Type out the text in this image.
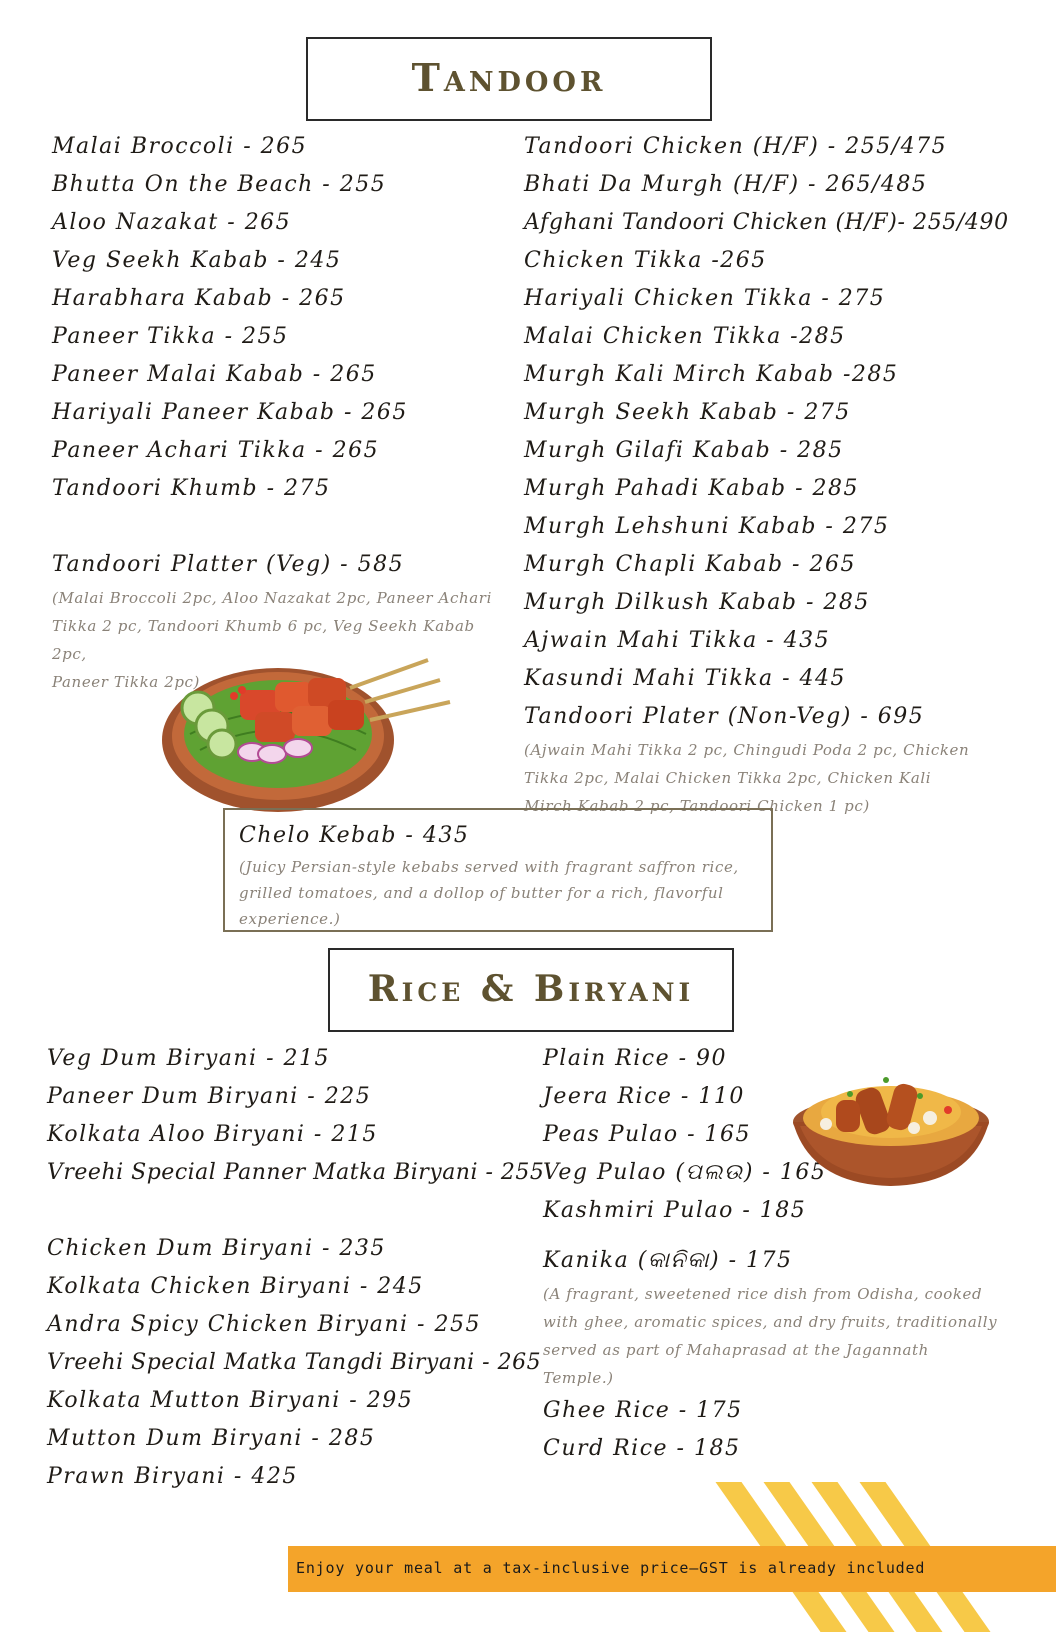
Tandoor
Malai Broccoli - 265
Bhutta On the Beach - 255
Aloo Nazakat - 265
Veg Seekh Kabab - 245
Harabhara Kabab - 265
Paneer Tikka - 255
Paneer Malai Kabab - 265
Hariyali Paneer Kabab - 265
Paneer Achari Tikka - 265
Tandoori Khumb - 275
Tandoori Platter (Veg) - 585
(Malai Broccoli 2pc, Aloo Nazakat 2pc, Paneer Achari
Tikka 2 pc, Tandoori Khumb 6 pc, Veg Seekh Kabab 2pc,
Paneer Tikka 2pc)
Tandoori Chicken (H/F) - 255/475
Bhati Da Murgh (H/F) - 265/485
Afghani Tandoori Chicken (H/F)- 255/490
Chicken Tikka -265
Hariyali Chicken Tikka - 275
Malai Chicken Tikka -285
Murgh Kali Mirch Kabab -285
Murgh Seekh Kabab - 275
Murgh Gilafi Kabab - 285
Murgh Pahadi Kabab - 285
Murgh Lehshuni Kabab - 275
Murgh Chapli Kabab - 265
Murgh Dilkush Kabab - 285
Ajwain Mahi Tikka - 435
Kasundi Mahi Tikka - 445
Tandoori Plater (Non-Veg) - 695
(Ajwain Mahi Tikka 2 pc, Chingudi Poda 2 pc, Chicken
Tikka 2pc, Malai Chicken Tikka 2pc, Chicken Kali
Mirch Kabab 2 pc, Tandoori Chicken 1 pc)
Chelo Kebab - 435
(Juicy Persian-style kebabs served with fragrant saffron rice,
grilled tomatoes, and a dollop of butter for a rich, flavorful
experience.)
Rice & Biryani
Veg Dum Biryani - 215
Paneer Dum Biryani - 225
Kolkata Aloo Biryani - 215
Vreehi Special Panner Matka Biryani - 255
Chicken Dum Biryani - 235
Kolkata Chicken Biryani - 245
Andra Spicy Chicken Biryani - 255
Vreehi Special Matka Tangdi Biryani - 265
Kolkata Mutton Biryani - 295
Mutton Dum Biryani - 285
Prawn Biryani - 425
Plain Rice - 90
Jeera Rice - 110
Peas Pulao - 165
Veg Pulao (ପଲଉ) - 165
Kashmiri Pulao - 185
Kanika (କାନିକା) - 175
(A fragrant, sweetened rice dish from Odisha, cooked
with ghee, aromatic spices, and dry fruits, traditionally
served as part of Mahaprasad at the Jagannath
Temple.)
Ghee Rice - 175
Curd Rice - 185
Enjoy your meal at a tax-inclusive price—GST is already included
